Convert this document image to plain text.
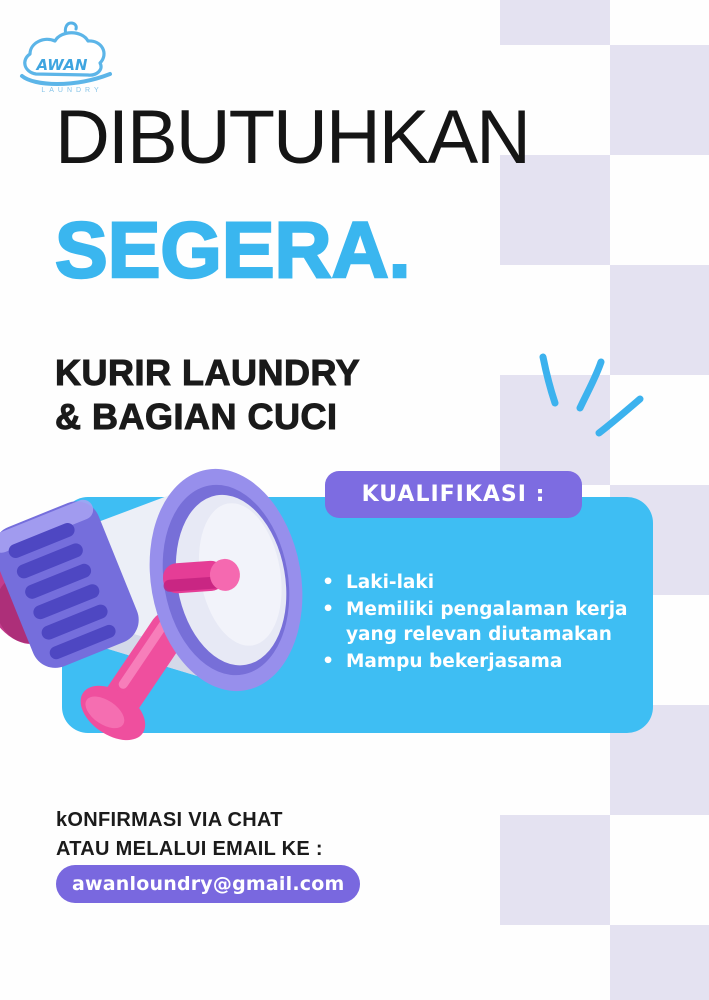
AWAN
LAUNDRY
DIBUTUHKAN
SEGERA.
KURIR LAUNDRY
& BAGIAN CUCI
KUALIFIKASI :
• Laki-laki
• Memiliki pengalaman kerja yang relevan diutamakan
• Mampu bekerjasama
kONFIRMASI VIA CHAT
ATAU MELALUI EMAIL KE :
awanloundry@gmail.com
